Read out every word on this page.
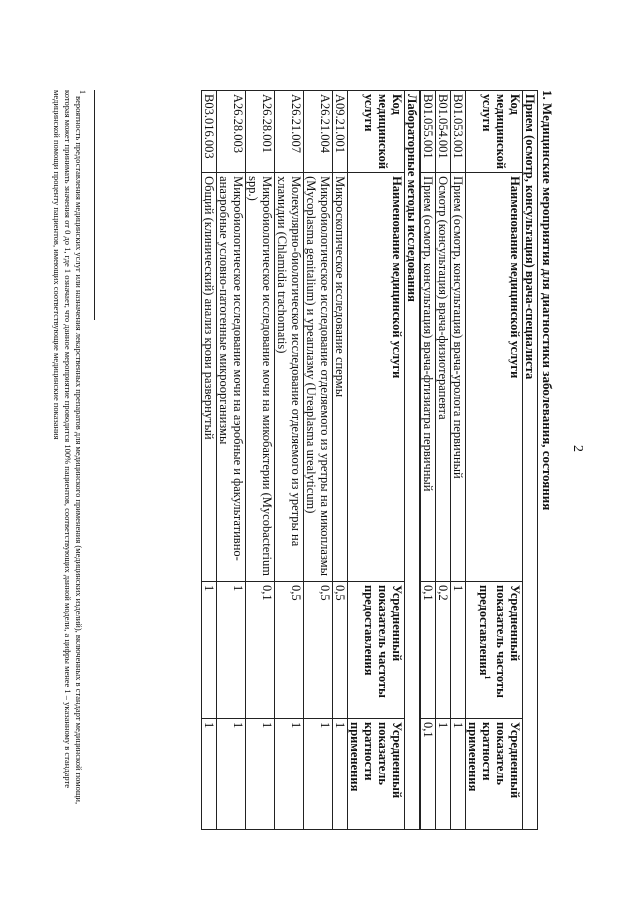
2
1. Медицинские мероприятия для диагностики заболевания, состояния
Прием (осмотр, консультация) врача-специалиста			
Код медицинской услуги	Наименование медицинской услуги	Усредненный показатель частоты предоставления$^1$	Усредненный показатель кратности применения
B01.053.001	Прием (осмотр, консультация) врача-уролога первичный	1	1
B01.054.001	Осмотр (консультация) врача-физиотерапевта	0,2	1
B01.055.001	Прием (осмотр, консультация) врача-фтизиатра первичный	0,1	0,1
Лабораторные методы исследования			
Код медицинской услуги	Наименование медицинской услуги	Усредненный показатель частоты предоставления	Усредненный показатель кратности применения
A09.21.001	Микроскопическое исследование спермы	0,5	1
A26.21.004	Микробиологическое исследование отделяемого из уретры на микоплазмы (Mycoplasma genitalium) и уреаплазму (Ureaplasma urealyticum)	0,5	1
A26.21.007	Молекулярно-биологическое исследование отделяемого из уретры на хламидии (Chlamidia trachomatis)	0,5	1
A26.28.001	Микробиологическое исследование мочи на микобактерии (Mycobacterium spp.)	0,1	1
A26.28.003	Микробиологическое исследование мочи на аэробные и факультативно-анаэробные условно-патогенные микроорганизмы	1	1
B03.016.003	Общий (клинический) анализ крови развернутый	1	1
$^1$ вероятность предоставления медицинских услуг или назначения лекарственных препаратов для медицинского применения (медицинских изделий), включенных в стандарт медицинской помощи, которая может принимать значения от 0 до 1, где 1 означает, что данное мероприятие проводится 100% пациентов, соответствующих данной модели, а цифры менее 1 – указанному в стандарте медицинской помощи проценту пациентов, имеющих соответствующие медицинские показания
